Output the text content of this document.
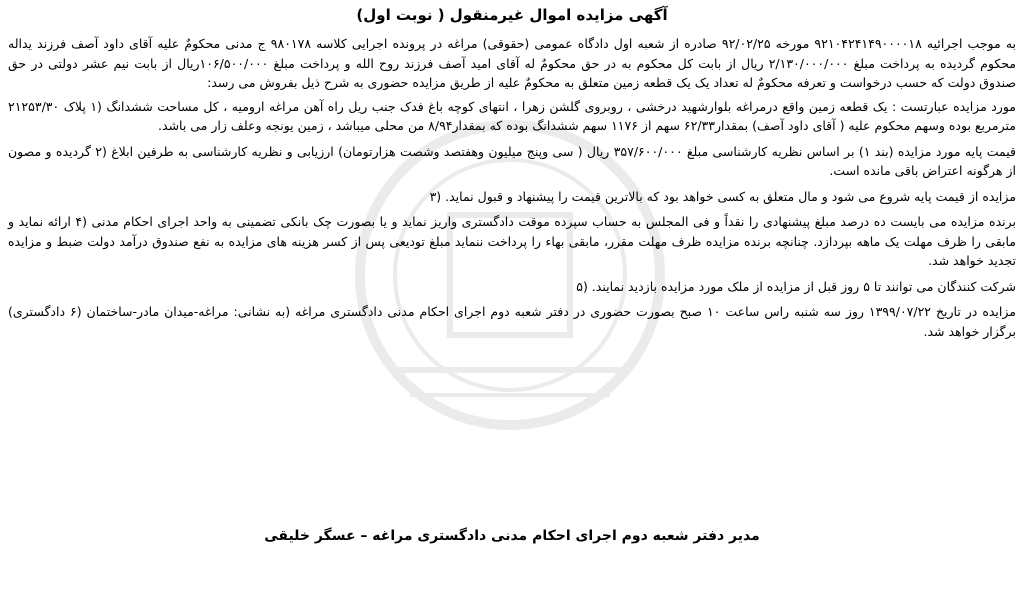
آگهی مزایده اموال غیرمنقول ( نوبت اول)

به موجب اجرائیه ۹۲۱۰۴۲۴۱۴۹۰۰۰۰۱۸ مورخه ۹۲/۰۲/۲۵ صادره از شعبه اول دادگاه عمومی (حقوقی) مراغه در پرونده اجرایی کلاسه ۹۸۰۱۷۸ ج مدنی محکومٌ علیه آقای داود آصف فرزند یداله محکوم گردیده به پرداخت مبلغ ۲/۱۳۰/۰۰۰/۰۰۰ ریال از بابت کل محکوم به در حق محکومٌ له آقای امید آصف فرزند روح الله و پرداخت مبلغ ۱۰۶/۵۰۰/۰۰۰ریال از بابت نیم عشر دولتی در حق صندوق دولت که حسب درخواست و تعرفه محکومٌ له تعداد یک یک قطعه زمین متعلق به محکومٌ علیه از طریق مزایده حضوری به شرح ذیل بفروش می رسد:

مورد مزایده عبارتست : یک قطعه زمین واقع درمراغه بلوارشهید درخشی ، روبروی گلشن زهرا ، انتهای کوچه باغ فدک جنب ریل راه آهن مراغه ارومیه ، کل مساحت ششدانگ (۱ پلاک ۲۱۲۵۳/۳۰ مترمربع بوده وسهم محکوم علیه ( آقای داود آصف) بمقدار۶۲/۳۳ سهم از ۱۱۷۶ سهم ششدانگ بوده که بمقدار۸/۹۴ من محلی میباشد ، زمین یونجه وعلف زار می باشد.

قیمت پایه مورد مزایده (بند ۱) بر اساس نظریه کارشناسی مبلغ ۳۵۷/۶۰۰/۰۰۰ ریال ( سی وپنج میلیون وهفتصد وشصت هزارتومان) ارزیابی و نظریه کارشناسی به طرفین ابلاغ (۲ گردیده و مصون از هرگونه اعتراض باقی مانده است.

مزایده از قیمت پایه شروع می شود و مال متعلق به کسی خواهد بود که بالاترین قیمت را پیشنهاد و قبول نماید. (۳

برنده مزایده می بایست ده درصد مبلغ پیشنهادی را نقداً و فی المجلس به حساب سپرده موقت دادگستری واریز نماید و یا بصورت چک بانکی تضمینی به واحد اجرای احکام مدنی (۴ ارائه نماید و مابقی را ظرف مهلت یک ماهه بپردازد. چنانچه برنده مزایده ظرف مهلت مقرر، مابقی بهاء را پرداخت ننماید مبلغ تودیعی پس از کسر هزینه های مزایده به نفع صندوق درآمد دولت ضبط و مزایده تجدید خواهد شد.

شرکت کنندگان می توانند تا ۵ روز قبل از مزایده از ملک مورد مزایده بازدید نمایند. (۵

مزایده در تاریخ ۱۳۹۹/۰۷/۲۲ روز سه شنبه راس ساعت ۱۰ صبح بصورت حضوری در دفتر شعبه دوم اجرای احکام مدنی دادگستری مراغه (به نشانی: مراغه-میدان مادر-ساختمان (۶ دادگستری) برگزار خواهد شد.

مدیر دفتر شعبه دوم اجرای احکام مدنی دادگستری مراغه – عسگر خلیقی
